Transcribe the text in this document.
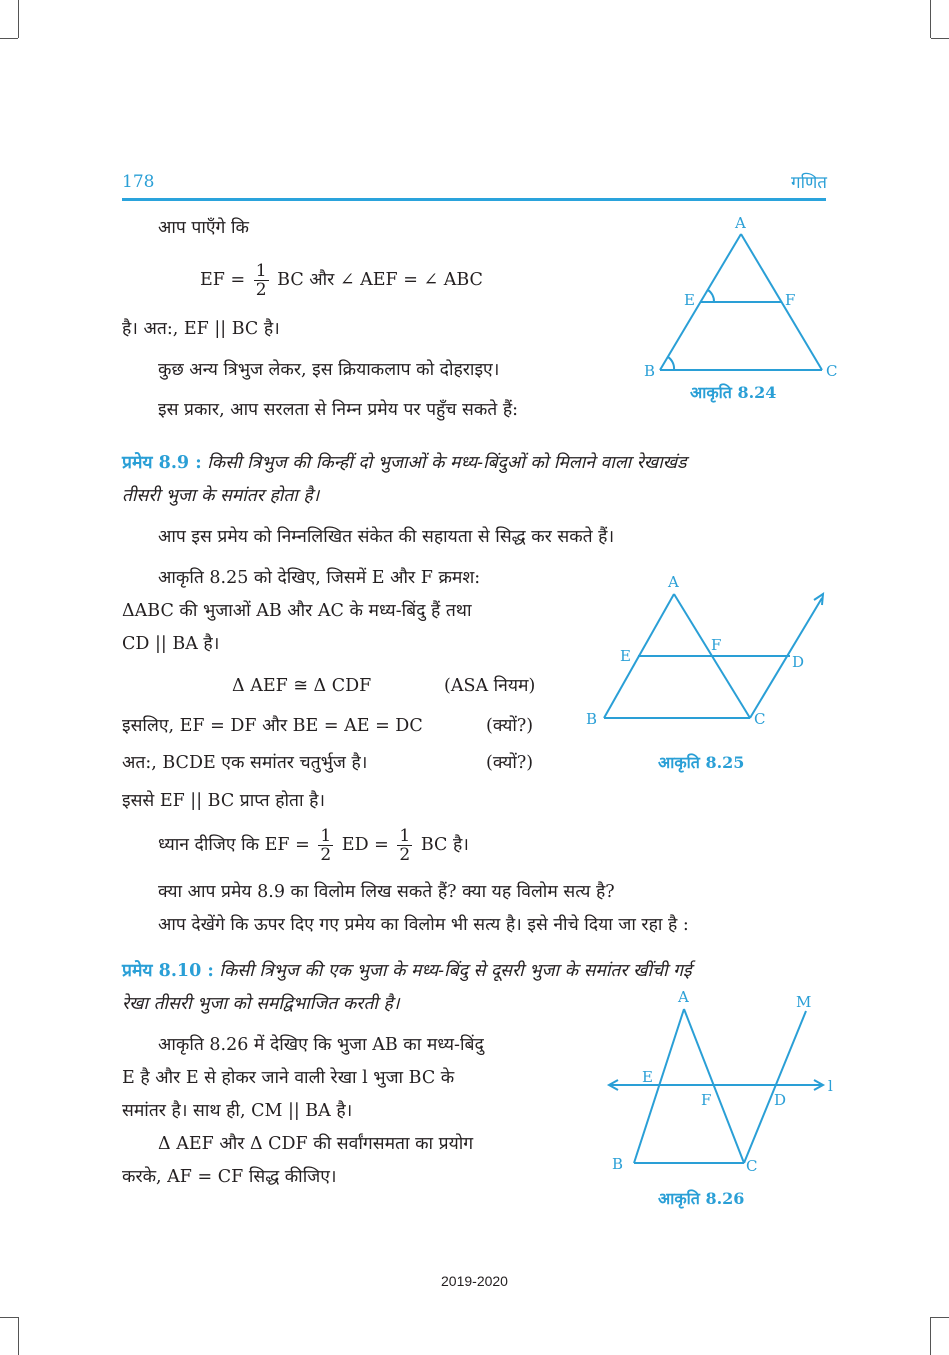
178	गणित
आप पाएँगे कि
EF = $\frac{1}{2}$ BC और ∠ AEF = ∠ ABC
है। अत:, EF || BC है।
कुछ अन्य त्रिभुज लेकर, इस क्रियाकलाप को दोहराइए।
इस प्रकार, आप सरलता से निम्न प्रमेय पर पहुँच सकते हैं:
प्रमेय 8.9 : किसी त्रिभुज की किन्हीं दो भुजाओं के मध्य-बिंदुओं को मिलाने वाला रेखाखंड
तीसरी भुजा के समांतर होता है।
आप इस प्रमेय को निम्नलिखित संकेत की सहायता से सिद्ध कर सकते हैं।
आकृति 8.25 को देखिए, जिसमें E और F क्रमश:
ΔABC की भुजाओं AB और AC के मध्य-बिंदु हैं तथा
CD || BA है।
Δ AEF ≅ Δ CDF	(ASA नियम)
इसलिए, EF = DF और BE = AE = DC	(क्यों?)
अत:, BCDE एक समांतर चतुर्भुज है।	(क्यों?)
इससे EF || BC प्राप्त होता है।
ध्यान दीजिए कि EF = $\frac{1}{2}$ ED = $\frac{1}{2}$ BC है।
क्या आप प्रमेय 8.9 का विलोम लिख सकते हैं? क्या यह विलोम सत्य है?
आप देखेंगे कि ऊपर दिए गए प्रमेय का विलोम भी सत्य है। इसे नीचे दिया जा रहा है :
प्रमेय 8.10 : किसी त्रिभुज की एक भुजा के मध्य-बिंदु से दूसरी भुजा के समांतर खींची गई
रेखा तीसरी भुजा को समद्विभाजित करती है।
आकृति 8.26 में देखिए कि भुजा AB का मध्य-बिंदु
E है और E से होकर जाने वाली रेखा l भुजा BC के
समांतर है। साथ ही, CM || BA है।
Δ AEF और Δ CDF की सर्वांगसमता का प्रयोग
करके, AF = CF सिद्ध कीजिए।
A
B	C
E	F
आकृति 8.24
A
B	C
D
E
F
आकृति 8.25
A
B	C
D
E
F
M
l
आकृति 8.26
2019-2020
